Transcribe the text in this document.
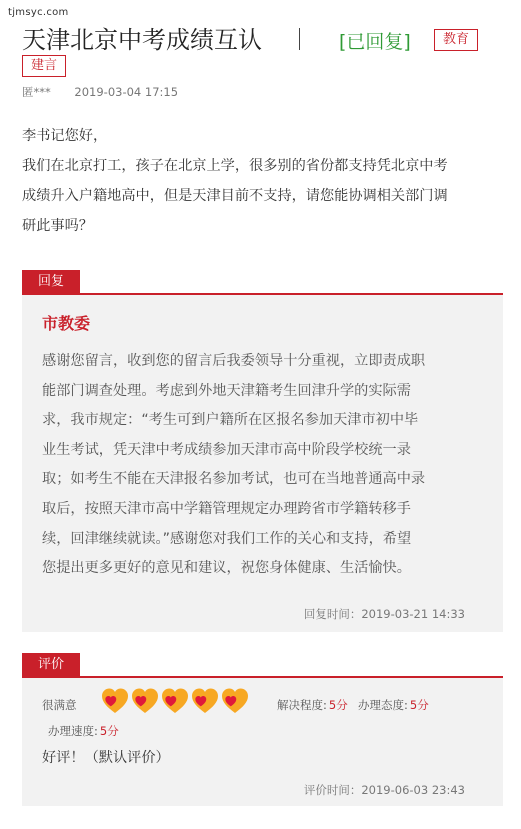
tjmsyc.com
天津北京中考成绩互认	[已回复]	教育
建言
匿*** 2019-03-04 17:15

李书记您好，

我们在北京打工，孩子在北京上学，很多别的省份都支持凭北京中考

成绩升入户籍地高中，但是天津目前不支持，请您能协调相关部门调

研此事吗？

回复
市教委

感谢您留言，收到您的留言后我委领导十分重视，立即责成职

能部门调查处理。考虑到外地天津籍考生回津升学的实际需

求，我市规定：“考生可到户籍所在区报名参加天津市初中毕

业生考试，凭天津中考成绩参加天津市高中阶段学校统一录

取；如考生不能在天津报名参加考试，也可在当地普通高中录

取后，按照天津市高中学籍管理规定办理跨省市学籍转移手

续，回津继续就读。”感谢您对我们工作的关心和支持，希望

您提出更多更好的意见和建议，祝您身体健康、生活愉快。

回复时间：2019-03-21 14:33
评价
很满意	解决程度: 5分 办理态度: 5分
办理速度: 5分
好评！（默认评价）
评价时间：2019-06-03 23:43
